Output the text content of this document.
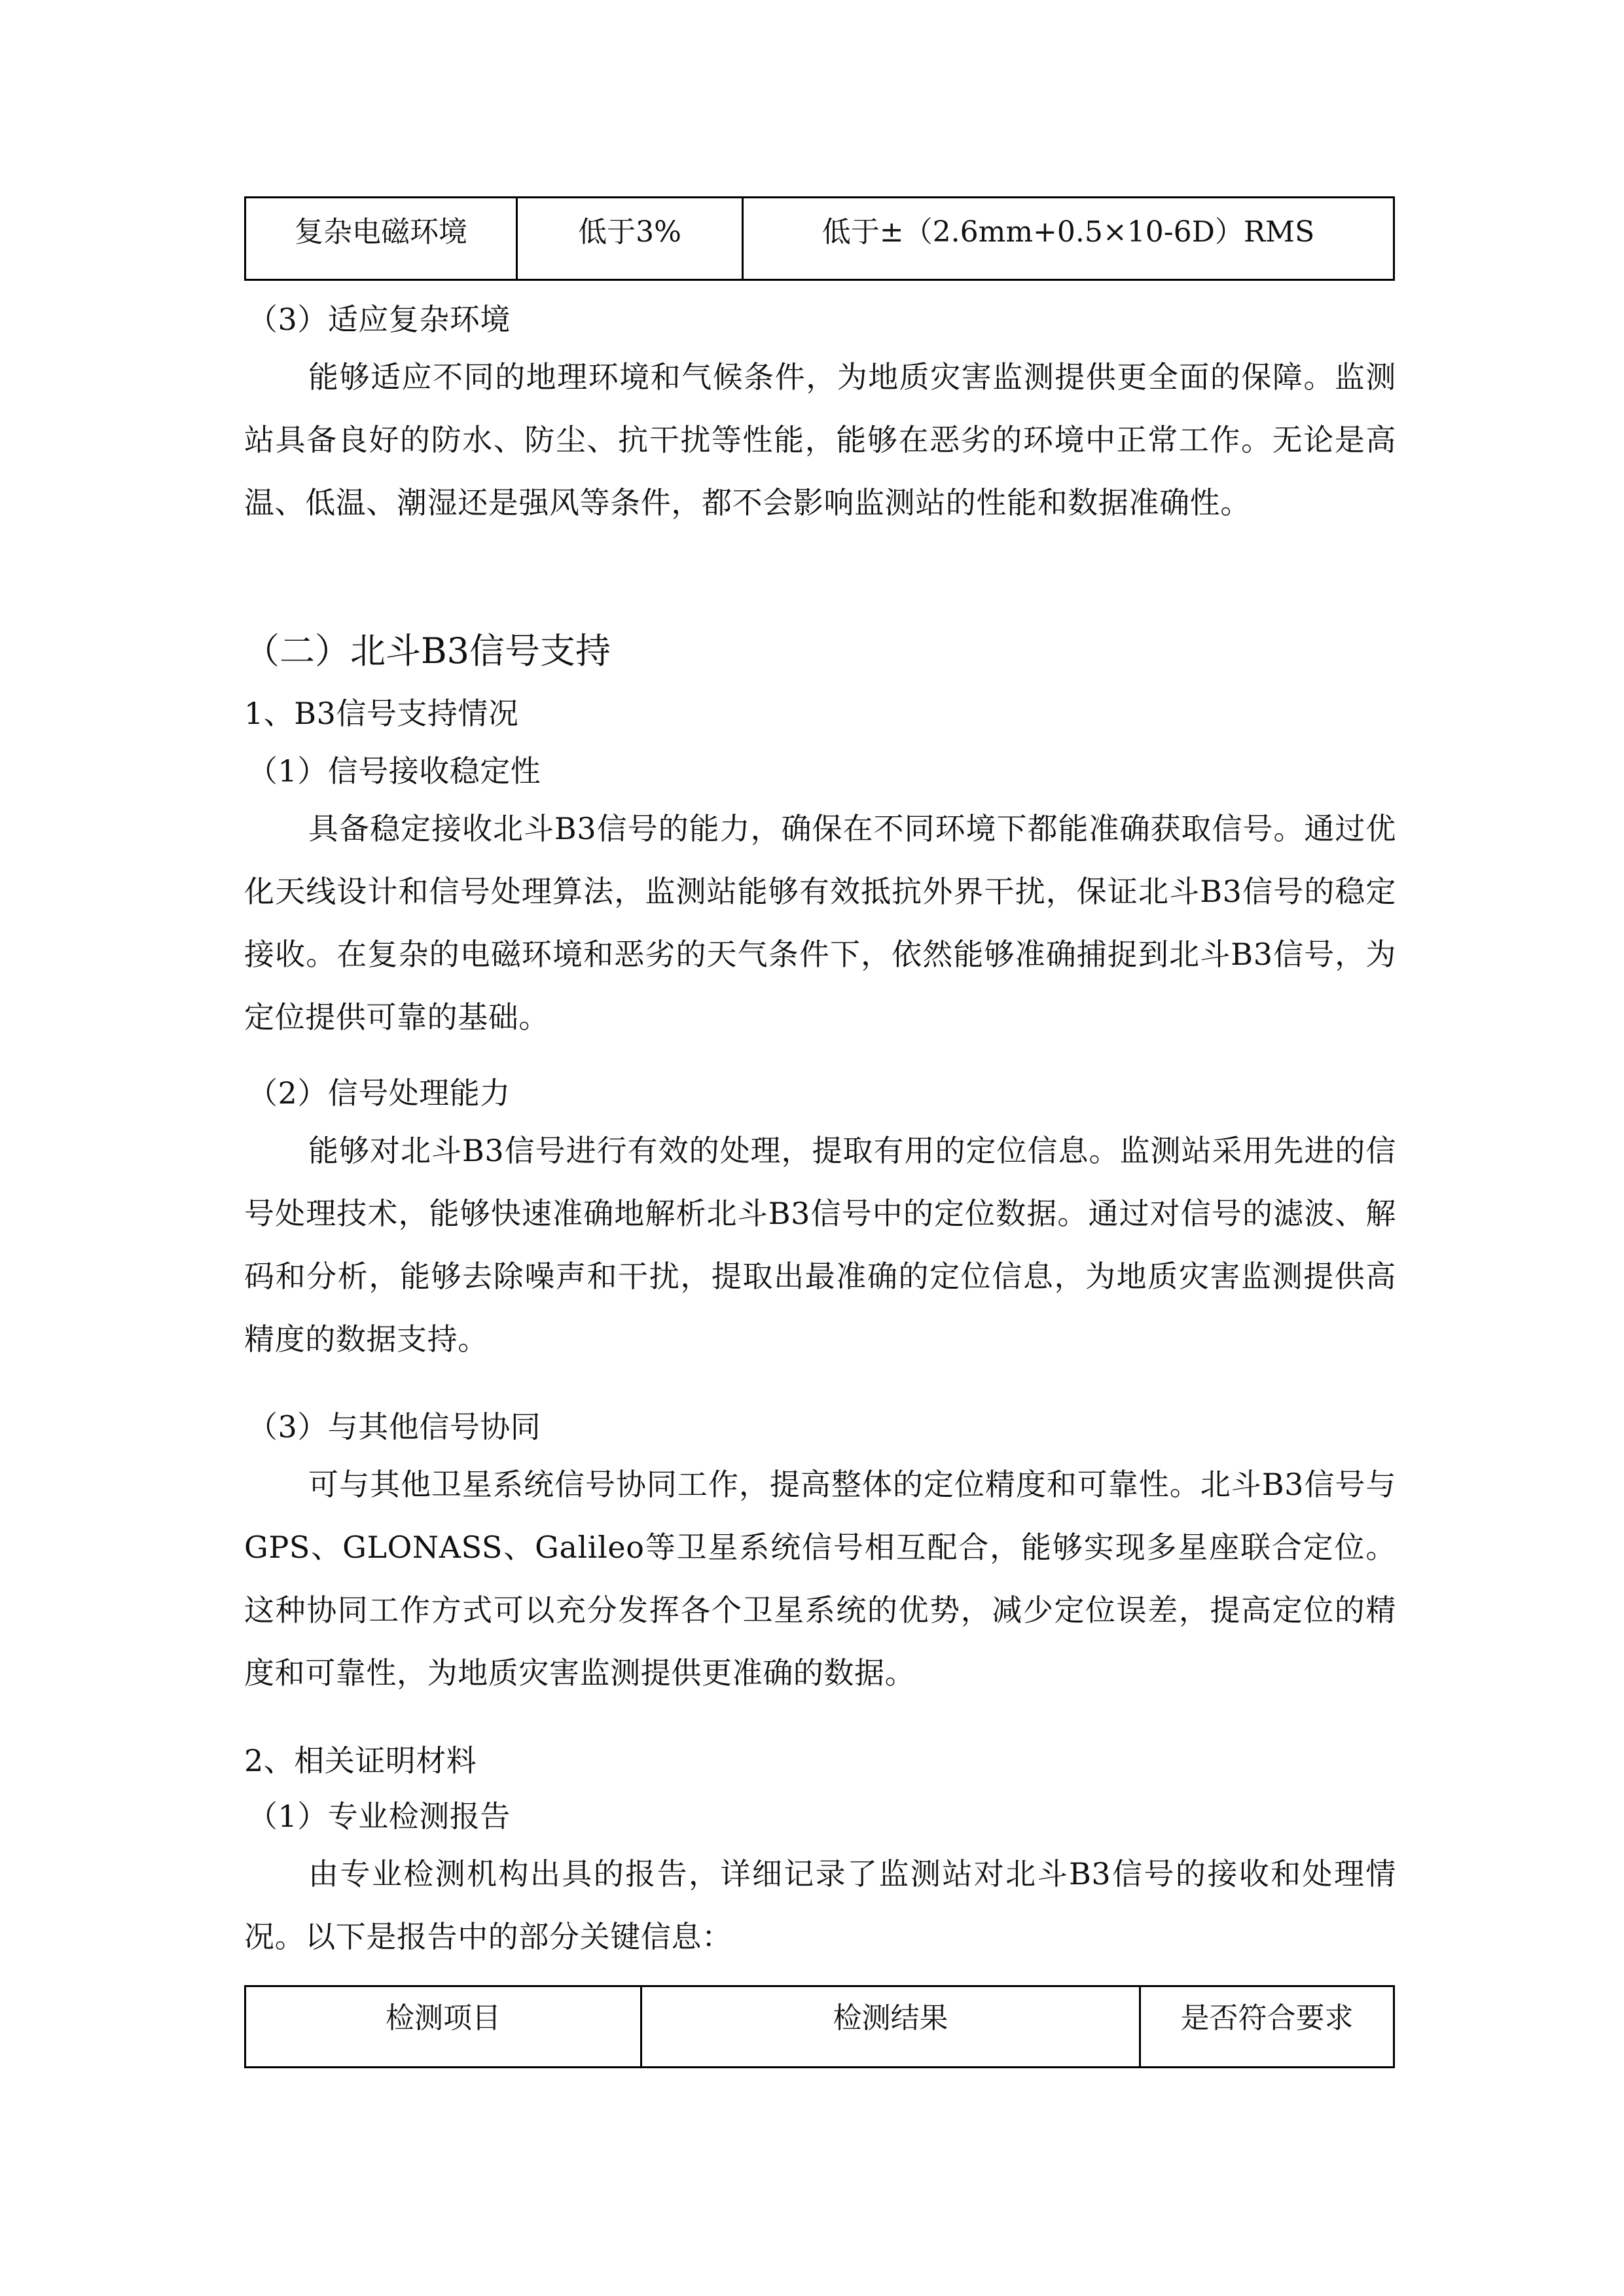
复杂电磁环境	低于3%	低于±（2.6mm+0.5×10-6D）RMS
（3）适应复杂环境
能够适应不同的地理环境和气候条件，为地质灾害监测提供更全面的保障。监测站具备良好的防水、防尘、抗干扰等性能，能够在恶劣的环境中正常工作。无论是高温、低温、潮湿还是强风等条件，都不会影响监测站的性能和数据准确性。
（二）北斗B3信号支持
1、B3信号支持情况
（1）信号接收稳定性
具备稳定接收北斗B3信号的能力，确保在不同环境下都能准确获取信号。通过优化天线设计和信号处理算法，监测站能够有效抵抗外界干扰，保证北斗B3信号的稳定接收。在复杂的电磁环境和恶劣的天气条件下，依然能够准确捕捉到北斗B3信号，为定位提供可靠的基础。
（2）信号处理能力
能够对北斗B3信号进行有效的处理，提取有用的定位信息。监测站采用先进的信号处理技术，能够快速准确地解析北斗B3信号中的定位数据。通过对信号的滤波、解码和分析，能够去除噪声和干扰，提取出最准确的定位信息，为地质灾害监测提供高精度的数据支持。
（3）与其他信号协同
可与其他卫星系统信号协同工作，提高整体的定位精度和可靠性。北斗B3信号与GPS、GLONASS、Galileo等卫星系统信号相互配合，能够实现多星座联合定位。这种协同工作方式可以充分发挥各个卫星系统的优势，减少定位误差，提高定位的精度和可靠性，为地质灾害监测提供更准确的数据。
2、相关证明材料
（1）专业检测报告
由专业检测机构出具的报告，详细记录了监测站对北斗B3信号的接收和处理情况。以下是报告中的部分关键信息：
检测项目	检测结果	是否符合要求
